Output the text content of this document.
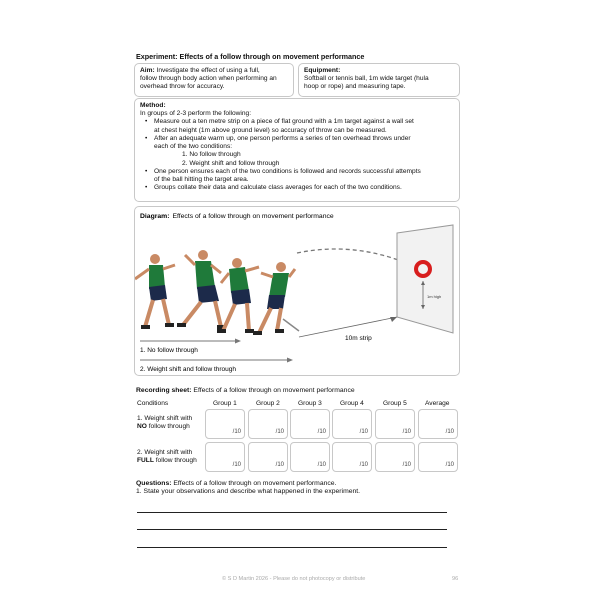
Experiment: Effects of a follow through on movement performance
Aim: Investigate the effect of using a full,
follow through body action when performing an
overhead throw for accuracy.
Equipment:
Softball or tennis ball, 1m wide target (hula
hoop or rope) and measuring tape.
Method:
In groups of 2-3 perform the following:
• Measure out a ten metre strip on a piece of flat ground with a 1m target against a wall set
at chest height (1m above ground level) so accuracy of throw can be measured.
• After an adequate warm up, one person performs a series of ten overhead throws under
each of the two conditions:
1. No follow through
2. Weight shift and follow through
• One person ensures each of the two conditions is followed and records successful attempts
of the ball hitting the target area.
• Groups collate their data and calculate class averages for each of the two conditions.
Diagram: Effects of a follow through on movement performance
1m high
10m strip
1. No follow through
2. Weight shift and follow through
Recording sheet: Effects of a follow through on movement performance
Conditions	Group 1	Group 2	Group 3	Group 4	Group 5	Average
1. Weight shift with
NO follow through
/10	/10	/10	/10	/10	/10
2. Weight shift with
FULL follow through
/10	/10	/10	/10	/10	/10
Questions: Effects of a follow through on movement performance.
1. State your observations and describe what happened in the experiment.
© S D Martin 2026 - Please do not photocopy or distribute	96
